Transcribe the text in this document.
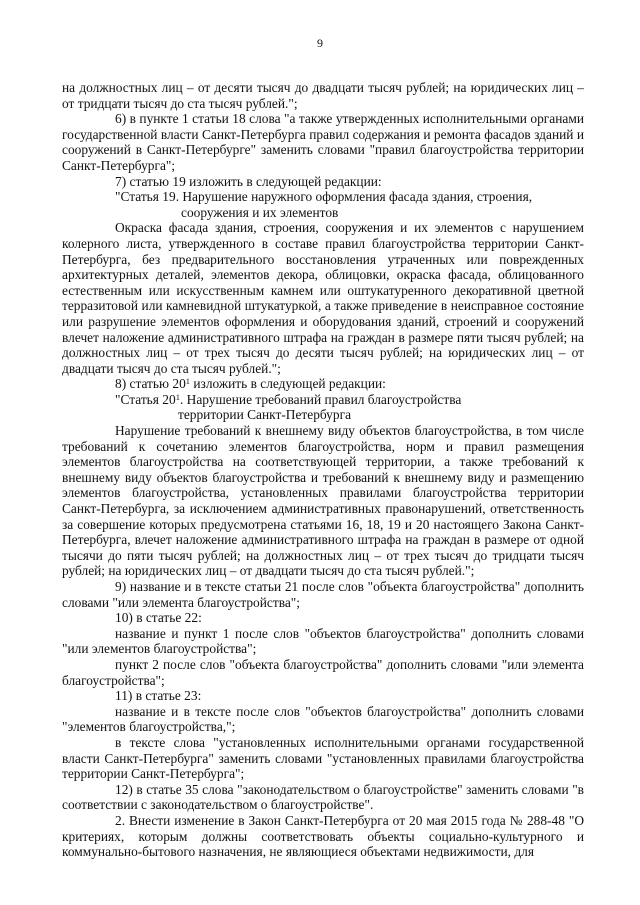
9

на должностных лиц – от десяти тысяч до двадцати тысяч рублей; на юридических лиц – от тридцати тысяч до ста тысяч рублей.";

6) в пункте 1 статьи 18 слова "а также утвержденных исполнительными органами государственной власти Санкт-Петербурга правил содержания и ремонта фасадов зданий и сооружений в Санкт-Петербурге" заменить словами "правил благоустройства территории Санкт-Петербурга";

7) статью 19 изложить в следующей редакции:

"Статья 19. Нарушение наружного оформления фасада здания, строения,

сооружения и их элементов

Окраска фасада здания, строения, сооружения и их элементов с нарушением колерного листа, утвержденного в составе правил благоустройства территории Санкт-Петербурга, без предварительного восстановления утраченных или поврежденных архитектурных деталей, элементов декора, облицовки, окраска фасада, облицованного естественным или искусственным камнем или оштукатуренного декоративной цветной терразитовой или камневидной штукатуркой, а также приведение в неисправное состояние или разрушение элементов оформления и оборудования зданий, строений и сооружений влечет наложение административного штрафа на граждан в размере пяти тысяч рублей; на должностных лиц – от трех тысяч до десяти тысяч рублей; на юридических лиц – от двадцати тысяч до ста тысяч рублей.";

8) статью $20^1$ изложить в следующей редакции:

"Статья $20^1$. Нарушение требований правил благоустройства

территории Санкт-Петербурга

Нарушение требований к внешнему виду объектов благоустройства, в том числе требований к сочетанию элементов благоустройства, норм и правил размещения элементов благоустройства на соответствующей территории, а также требований к внешнему виду объектов благоустройства и требований к внешнему виду и размещению элементов благоустройства, установленных правилами благоустройства территории Санкт-Петербурга, за исключением административных правонарушений, ответственность за совершение которых предусмотрена статьями 16, 18, 19 и 20 настоящего Закона Санкт-Петербурга, влечет наложение административного штрафа на граждан в размере от одной тысячи до пяти тысяч рублей; на должностных лиц – от трех тысяч до тридцати тысяч рублей; на юридических лиц – от двадцати тысяч до ста тысяч рублей.";

9) название и в тексте статьи 21 после слов "объекта благоустройства" дополнить словами "или элемента благоустройства";

10) в статье 22:

название и пункт 1 после слов "объектов благоустройства" дополнить словами "или элементов благоустройства";

пункт 2 после слов "объекта благоустройства" дополнить словами "или элемента благоустройства";

11) в статье 23:

название и в тексте после слов "объектов благоустройства" дополнить словами "элементов благоустройства,";

в тексте слова "установленных исполнительными органами государственной власти Санкт-Петербурга" заменить словами "установленных правилами благоустройства территории Санкт-Петербурга";

12) в статье 35 слова "законодательством о благоустройстве" заменить словами "в соответствии с законодательством о благоустройстве".

2. Внести изменение в Закон Санкт-Петербурга от 20 мая 2015 года № 288-48 "О критериях, которым должны соответствовать объекты социально-культурного и коммунально-бытового назначения, не являющиеся объектами недвижимости, для
